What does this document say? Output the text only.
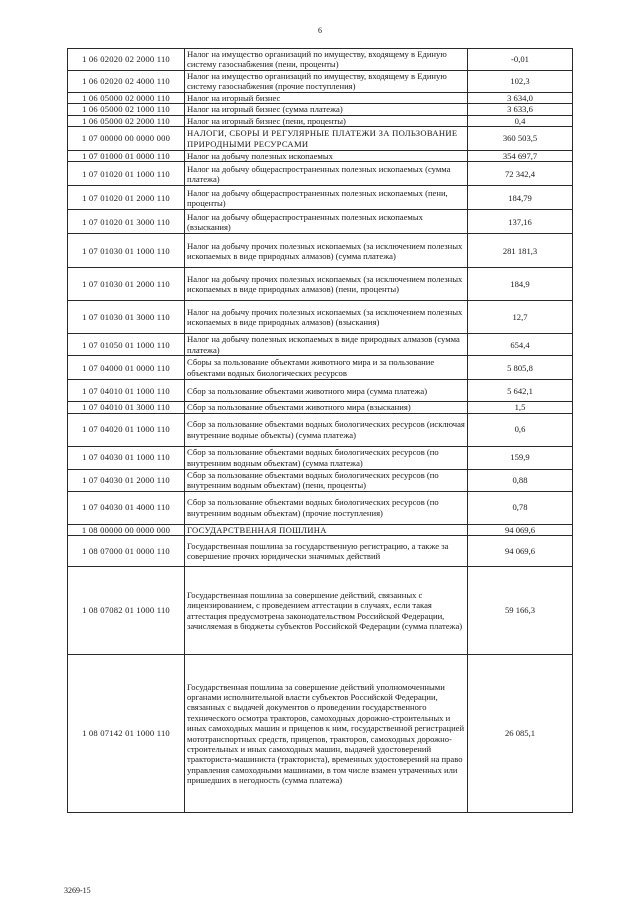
6
1 06 02020 02 2000 110	Налог на имущество организаций по имуществу, входящему в Единую систему газоснабжения (пени, проценты)	-0,01
1 06 02020 02 4000 110	Налог на имущество организаций по имуществу, входящему в Единую систему газоснабжения (прочие поступления)	102,3
1 06 05000 02 0000 110	Налог на игорный бизнес	3 634,0
1 06 05000 02 1000 110	Налог на игорный бизнес (сумма платежа)	3 633,6
1 06 05000 02 2000 110	Налог на игорный бизнес (пени, проценты)	0,4
1 07 00000 00 0000 000	НАЛОГИ, СБОРЫ И РЕГУЛЯРНЫЕ ПЛАТЕЖИ ЗА ПОЛЬЗОВАНИЕ ПРИРОДНЫМИ РЕСУРСАМИ	360 503,5
1 07 01000 01 0000 110	Налог на добычу полезных ископаемых	354 697,7
1 07 01020 01 1000 110	Налог на добычу общераспространенных полезных ископаемых (сумма платежа)	72 342,4
1 07 01020 01 2000 110	Налог на добычу общераспространенных полезных ископаемых (пени, проценты)	184,79
1 07 01020 01 3000 110	Налог на добычу общераспространенных полезных ископаемых (взыскания)	137,16
1 07 01030 01 1000 110	Налог на добычу прочих полезных ископаемых (за исключением полезных ископаемых в виде природных алмазов) (сумма платежа)	281 181,3
1 07 01030 01 2000 110	Налог на добычу прочих полезных ископаемых (за исключением полезных ископаемых в виде природных алмазов) (пени, проценты)	184,9
1 07 01030 01 3000 110	Налог на добычу прочих полезных ископаемых (за исключением полезных ископаемых в виде природных алмазов) (взыскания)	12,7
1 07 01050 01 1000 110	Налог на добычу полезных ископаемых в виде природных алмазов (сумма платежа)	654,4
1 07 04000 01 0000 110	Сборы за пользование объектами животного мира и за пользование объектами водных биологических ресурсов	5 805,8
1 07 04010 01 1000 110	Сбор за пользование объектами животного мира (сумма платежа)	5 642,1
1 07 04010 01 3000 110	Сбор за пользование объектами животного мира (взыскания)	1,5
1 07 04020 01 1000 110	Сбор за пользование объектами водных биологических ресурсов (исключая внутренние водные объекты) (сумма платежа)	0,6
1 07 04030 01 1000 110	Сбор за пользование объектами водных биологических ресурсов (по внутренним водным объектам) (сумма платежа)	159,9
1 07 04030 01 2000 110	Сбор за пользование объектами водных биологических ресурсов (по внутренним водным объектам) (пени, проценты)	0,88
1 07 04030 01 4000 110	Сбор за пользование объектами водных биологических ресурсов (по внутренним водным объектам) (прочие поступления)	0,78
1 08 00000 00 0000 000	ГОСУДАРСТВЕННАЯ ПОШЛИНА	94 069,6
1 08 07000 01 0000 110	Государственная пошлина за государственную регистрацию, а также за совершение прочих юридически значимых действий	94 069,6
1 08 07082 01 1000 110	Государственная пошлина за совершение действий, связанных с лицензированием, с проведением аттестации в случаях, если такая аттестация предусмотрена законодательством Российской Федерации, зачисляемая в бюджеты субъектов Российской Федерации (сумма платежа)	59 166,3
1 08 07142 01 1000 110	Государственная пошлина за совершение действий уполномоченными органами исполнительной власти субъектов Российской Федерации, связанных с выдачей документов о проведении государственного технического осмотра тракторов, самоходных дорожно-строительных и иных самоходных машин и прицепов к ним, государственной регистрацией мототранспортных средств, прицепов, тракторов, самоходных дорожно-строительных и иных самоходных машин, выдачей удостоверений тракториста-машиниста (тракториста), временных удостоверений на право управления самоходными машинами, в том числе взамен утраченных или пришедших в негодность (сумма платежа)	26 085,1
3269-15
